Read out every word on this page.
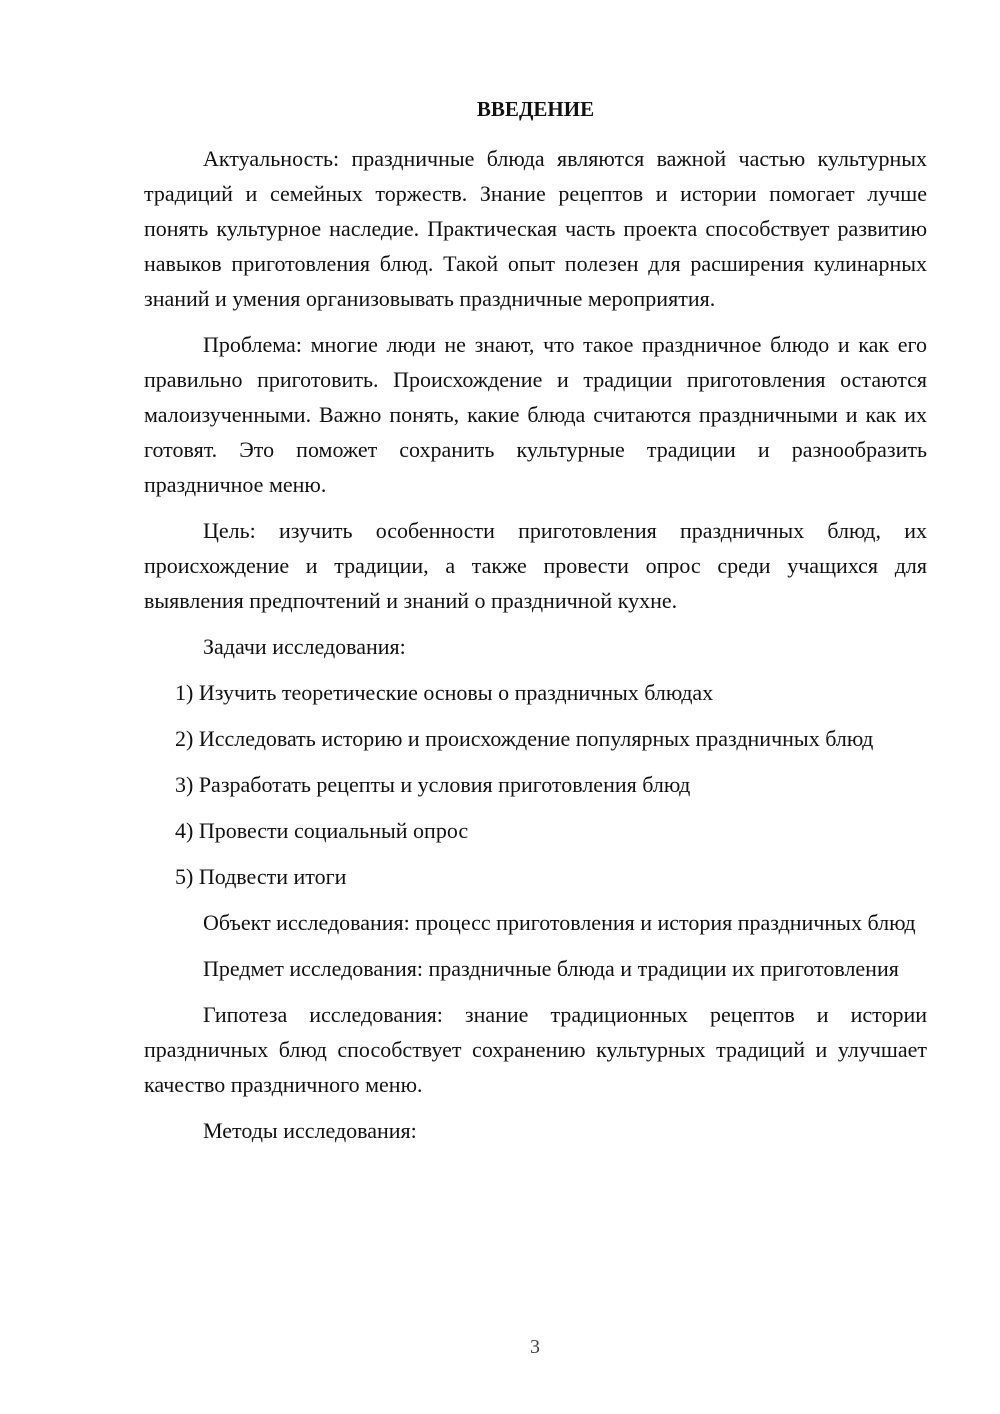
ВВЕДЕНИЕ

Актуальность: праздничные блюда являются важной частью культурных традиций и семейных торжеств. Знание рецептов и истории помогает лучше понять культурное наследие. Практическая часть проекта способствует развитию навыков приготовления блюд. Такой опыт полезен для расширения кулинарных знаний и умения организовывать праздничные мероприятия.

Проблема: многие люди не знают, что такое праздничное блюдо и как его правильно приготовить. Происхождение и традиции приготовления остаются малоизученными. Важно понять, какие блюда считаются праздничными и как их готовят. Это поможет сохранить культурные традиции и разнообразить праздничное меню.

Цель: изучить особенности приготовления праздничных блюд, их происхождение и традиции, а также провести опрос среди учащихся для выявления предпочтений и знаний о праздничной кухне.

Задачи исследования:

1) Изучить теоретические основы о праздничных блюдах

2) Исследовать историю и происхождение популярных праздничных блюд

3) Разработать рецепты и условия приготовления блюд

4) Провести социальный опрос

5) Подвести итоги

Объект исследования: процесс приготовления и история праздничных блюд

Предмет исследования: праздничные блюда и традиции их приготовления

Гипотеза исследования: знание традиционных рецептов и истории праздничных блюд способствует сохранению культурных традиций и улучшает качество праздничного меню.

Методы исследования:

3
